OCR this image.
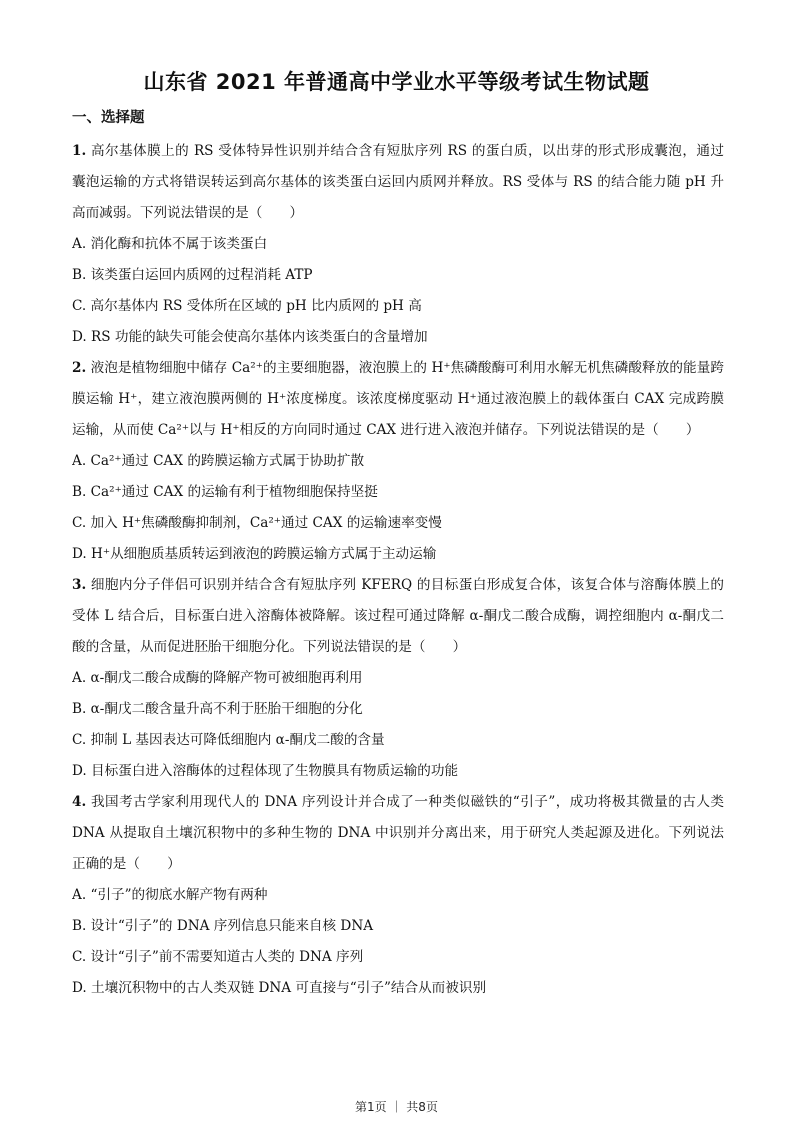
山东省 2021 年普通高中学业水平等级考试生物试题
一、选择题
1. 高尔基体膜上的 RS 受体特异性识别并结合含有短肽序列 RS 的蛋白质，以出芽的形式形成囊泡，通过
囊泡运输的方式将错误转运到高尔基体的该类蛋白运回内质网并释放。RS 受体与 RS 的结合能力随 pH 升
高而减弱。下列说法错误的是（　　）
A. 消化酶和抗体不属于该类蛋白
B. 该类蛋白运回内质网的过程消耗 ATP
C. 高尔基体内 RS 受体所在区域的 pH 比内质网的 pH 高
D. RS 功能的缺失可能会使高尔基体内该类蛋白的含量增加
2. 液泡是植物细胞中储存 Ca²⁺的主要细胞器，液泡膜上的 H⁺焦磷酸酶可利用水解无机焦磷酸释放的能量跨
膜运输 H⁺，建立液泡膜两侧的 H⁺浓度梯度。该浓度梯度驱动 H⁺通过液泡膜上的载体蛋白 CAX 完成跨膜
运输，从而使 Ca²⁺以与 H⁺相反的方向同时通过 CAX 进行进入液泡并储存。下列说法错误的是（　　）
A. Ca²⁺通过 CAX 的跨膜运输方式属于协助扩散
B. Ca²⁺通过 CAX 的运输有利于植物细胞保持坚挺
C. 加入 H⁺焦磷酸酶抑制剂，Ca²⁺通过 CAX 的运输速率变慢
D. H⁺从细胞质基质转运到液泡的跨膜运输方式属于主动运输
3. 细胞内分子伴侣可识别并结合含有短肽序列 KFERQ 的目标蛋白形成复合体，该复合体与溶酶体膜上的
受体 L 结合后，目标蛋白进入溶酶体被降解。该过程可通过降解 α-酮戊二酸合成酶，调控细胞内 α-酮戊二
酸的含量，从而促进胚胎干细胞分化。下列说法错误的是（　　）
A. α-酮戊二酸合成酶的降解产物可被细胞再利用
B. α-酮戊二酸含量升高不利于胚胎干细胞的分化
C. 抑制 L 基因表达可降低细胞内 α-酮戊二酸的含量
D. 目标蛋白进入溶酶体的过程体现了生物膜具有物质运输的功能
4. 我国考古学家利用现代人的 DNA 序列设计并合成了一种类似磁铁的“引子”，成功将极其微量的古人类
DNA 从提取自土壤沉积物中的多种生物的 DNA 中识别并分离出来，用于研究人类起源及进化。下列说法
正确的是（　　）
A. “引子”的彻底水解产物有两种
B. 设计“引子”的 DNA 序列信息只能来自核 DNA
C. 设计“引子”前不需要知道古人类的 DNA 序列
D. 土壤沉积物中的古人类双链 DNA 可直接与“引子”结合从而被识别
第1页 ｜ 共8页
